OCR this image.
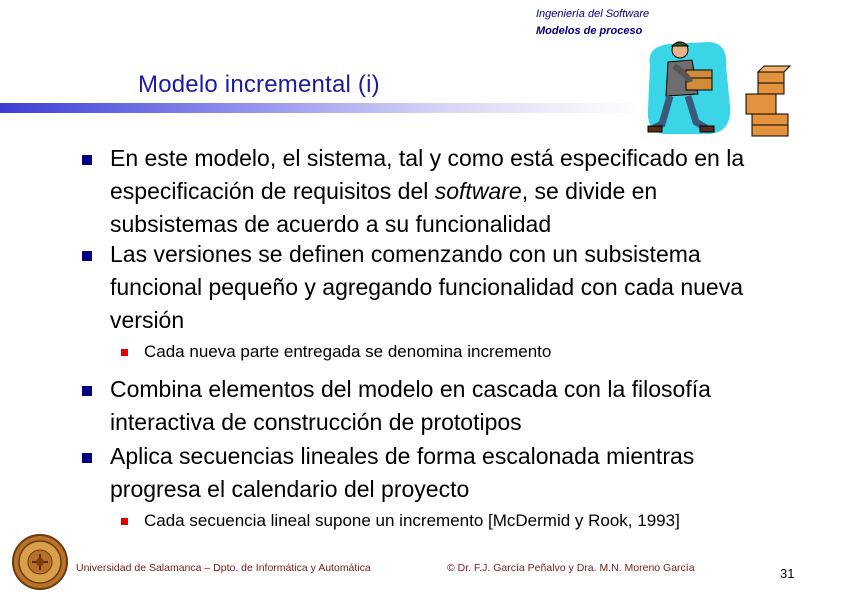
Ingeniería del Software
Modelos de proceso
Modelo incremental (i)
En este modelo, el sistema, tal y como está especificado en la
especificación de requisitos del software, se divide en
subsistemas de acuerdo a su funcionalidad
Las versiones se definen comenzando con un subsistema
funcional pequeño y agregando funcionalidad con cada nueva
versión
Cada nueva parte entregada se denomina incremento
Combina elementos del modelo en cascada con la filosofía
interactiva de construcción de prototipos
Aplica secuencias lineales de forma escalonada mientras
progresa el calendario del proyecto
Cada secuencia lineal supone un incremento [McDermid y Rook, 1993]
Universidad de Salamanca – Dpto. de Informática y Automática	© Dr. F.J. García Peñalvo y Dra. M.N. Moreno García	31
